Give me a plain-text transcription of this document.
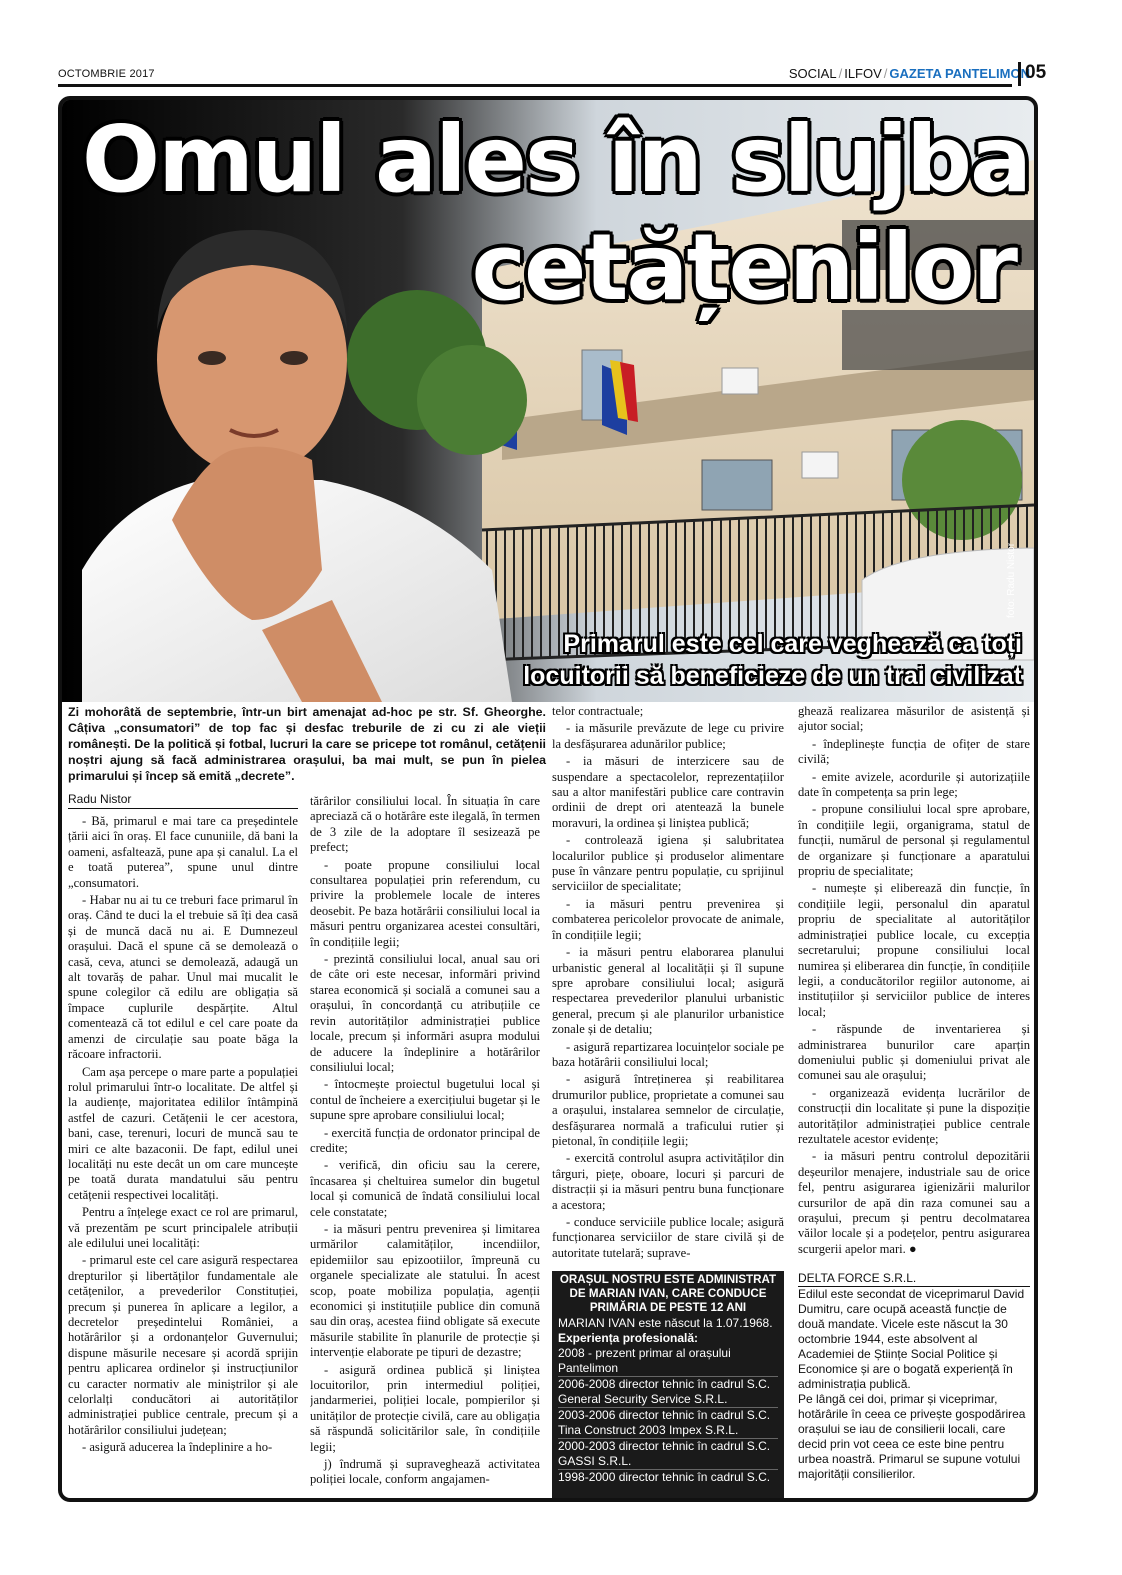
OCTOMBRIE 2017	SOCIAL / ILFOV / GAZETA PANTELIMON
05
Omul ales în slujba
cetățenilor
foto: Radu Nistor
Primarul este cel care veghează ca toți
locuitorii să beneficieze de un trai civilizat
Zi mohorâtă de septembrie, într-un birt amenajat ad-hoc pe str. Sf. Gheorghe. Câțiva „consumatori” de top fac și desfac treburile de zi cu zi ale vieții românești. De la politică și fotbal, lucruri la care se pricepe tot românul, cetățenii noștri ajung să facă administrarea orașului, ba mai mult, se pun în pielea primarului și încep să emită „decrete”.
Radu Nistor

- Bă, primarul e mai tare ca președintele țării aici în oraș. El face cununiile, dă bani la oameni, asfaltează, pune apa și canalul. La el e toată puterea”, spune unul dintre „consumatori.

- Habar nu ai tu ce treburi face primarul în oraș. Când te duci la el trebuie să îți dea casă și de muncă dacă nu ai. E Dumnezeul orașului. Dacă el spune că se demolează o casă, ceva, atunci se demolează, adaugă un alt tovarăș de pahar. Unul mai mucalit le spune colegilor că edilu are obligația să împace cuplurile despărțite. Altul comentează că tot edilul e cel care poate da amenzi de circulație sau poate băga la răcoare infractorii.

Cam așa percepe o mare parte a populației rolul primarului într-o localitate. De altfel și la audiențe, majoritatea edililor întâmpină astfel de cazuri. Cetățenii le cer acestora, bani, case, terenuri, locuri de muncă sau te miri ce alte bazaconii. De fapt, edilul unei localități nu este decât un om care muncește pe toată durata mandatului său pentru cetățenii respectivei localități.

Pentru a înțelege exact ce rol are primarul, vă prezentăm pe scurt principalele atribuții ale edilului unei localități:

- primarul este cel care asigură respectarea drepturilor și libertăților fundamentale ale cetățenilor, a prevederilor Constituției, precum și punerea în aplicare a legilor, a decretelor președintelui României, a hotărârilor și a ordonanțelor Guvernului; dispune măsurile necesare și acordă sprijin pentru aplicarea ordinelor și instrucțiunilor cu caracter normativ ale miniștrilor și ale celorlalți conducători ai autorităților administrației publice centrale, precum și a hotărârilor consiliului județean;

- asigură aducerea la îndeplinire a ho-

tărârilor consiliului local. În situația în care apreciază că o hotărâre este ilegală, în termen de 3 zile de la adoptare îl sesizează pe prefect;

- poate propune consiliului local consultarea populației prin referendum, cu privire la problemele locale de interes deosebit. Pe baza hotărârii consiliului local ia măsuri pentru organizarea acestei consultări, în condițiile legii;

- prezintă consiliului local, anual sau ori de câte ori este necesar, informări privind starea economică și socială a comunei sau a orașului, în concordanță cu atribuțiile ce revin autorităților administrației publice locale, precum și informări asupra modului de aducere la îndeplinire a hotărârilor consiliului local;

- întocmește proiectul bugetului local și contul de încheiere a exercițiului bugetar și le supune spre aprobare consiliului local;

- exercită funcția de ordonator principal de credite;

- verifică, din oficiu sau la cerere, încasarea și cheltuirea sumelor din bugetul local și comunică de îndată consiliului local cele constatate;

- ia măsuri pentru prevenirea și limitarea urmărilor calamităților, incendiilor, epidemiilor sau epizootiilor, împreună cu organele specializate ale statului. În acest scop, poate mobiliza populația, agenții economici și instituțiile publice din comună sau din oraș, acestea fiind obligate să execute măsurile stabilite în planurile de protecție și intervenție elaborate pe tipuri de dezastre;

- asigură ordinea publică și liniștea locuitorilor, prin intermediul poliției, jandarmeriei, poliției locale, pompierilor și unităților de protecție civilă, care au obligația să răspundă solicitărilor sale, în condițiile legii;

j) îndrumă și supraveghează activitatea poliției locale, conform angajamen-

telor contractuale;

- ia măsurile prevăzute de lege cu privire la desfășurarea adunărilor publice;

- ia măsuri de interzicere sau de suspendare a spectacolelor, reprezentațiilor sau a altor manifestări publice care contravin ordinii de drept ori atentează la bunele moravuri, la ordinea și liniștea publică;

- controlează igiena și salubritatea localurilor publice și produselor alimentare puse în vânzare pentru populație, cu sprijinul serviciilor de specialitate;

- ia măsuri pentru prevenirea și combaterea pericolelor provocate de animale, în condițiile legii;

- ia măsuri pentru elaborarea planului urbanistic general al localității și îl supune spre aprobare consiliului local; asigură respectarea prevederilor planului urbanistic general, precum și ale planurilor urbanistice zonale și de detaliu;

- asigură repartizarea locuințelor sociale pe baza hotărârii consiliului local;

- asigură întreținerea și reabilitarea drumurilor publice, proprietate a comunei sau a orașului, instalarea semnelor de circulație, desfășurarea normală a traficului rutier și pietonal, în condițiile legii;

- exercită controlul asupra activităților din târguri, piețe, oboare, locuri și parcuri de distracții și ia măsuri pentru buna funcționare a acestora;

- conduce serviciile publice locale; asigură funcționarea serviciilor de stare civilă și de autoritate tutelară; suprave-

ghează realizarea măsurilor de asistență și ajutor social;

- îndeplinește funcția de ofițer de stare civilă;

- emite avizele, acordurile și autorizațiile date în competența sa prin lege;

- propune consiliului local spre aprobare, în condițiile legii, organigrama, statul de funcții, numărul de personal și regulamentul de organizare și funcționare a aparatului propriu de specialitate;

- numește și eliberează din funcție, în condițiile legii, personalul din aparatul propriu de specialitate al autorităților administrației publice locale, cu excepția secretarului; propune consiliului local numirea și eliberarea din funcție, în condițiile legii, a conducătorilor regiilor autonome, ai instituțiilor și serviciilor publice de interes local;

- răspunde de inventarierea și administrarea bunurilor care aparțin domeniului public și domeniului privat ale comunei sau ale orașului;

- organizează evidența lucrărilor de construcții din localitate și pune la dispoziție autorităților administrației publice centrale rezultatele acestor evidențe;

- ia măsuri pentru controlul depozitării deșeurilor menajere, industriale sau de orice fel, pentru asigurarea igienizării malurilor cursurilor de apă din raza comunei sau a orașului, precum și pentru decolmatarea văilor locale și a podețelor, pentru asigurarea scurgerii apelor mari. ●

ORAȘUL NOSTRU ESTE ADMINISTRAT DE MARIAN IVAN, CARE CONDUCE PRIMĂRIA DE PESTE 12 ANI
MARIAN IVAN este născut la 1.07.1968.
Experiența profesională:
2008 - prezent primar al orașului Pantelimon
2006-2008 director tehnic în cadrul S.C. General Security Service S.R.L.
2003-2006 director tehnic în cadrul S.C. Tina Construct 2003 Impex S.R.L.
2000-2003 director tehnic în cadrul S.C. GASSI S.R.L.
1998-2000 director tehnic în cadrul S.C.
DELTA FORCE S.R.L.
Edilul este secondat de viceprimarul David Dumitru, care ocupă această funcție de două mandate. Vicele este născut la 30 octombrie 1944, este absolvent al Academiei de Științe Social Politice și Economice și are o bogată experiență în administrația publică.
Pe lângă cei doi, primar și viceprimar, hotărârile în ceea ce privește gospodărirea orașului se iau de consilierii locali, care decid prin vot ceea ce este bine pentru urbea noastră. Primarul se supune votului majorității consilierilor.
